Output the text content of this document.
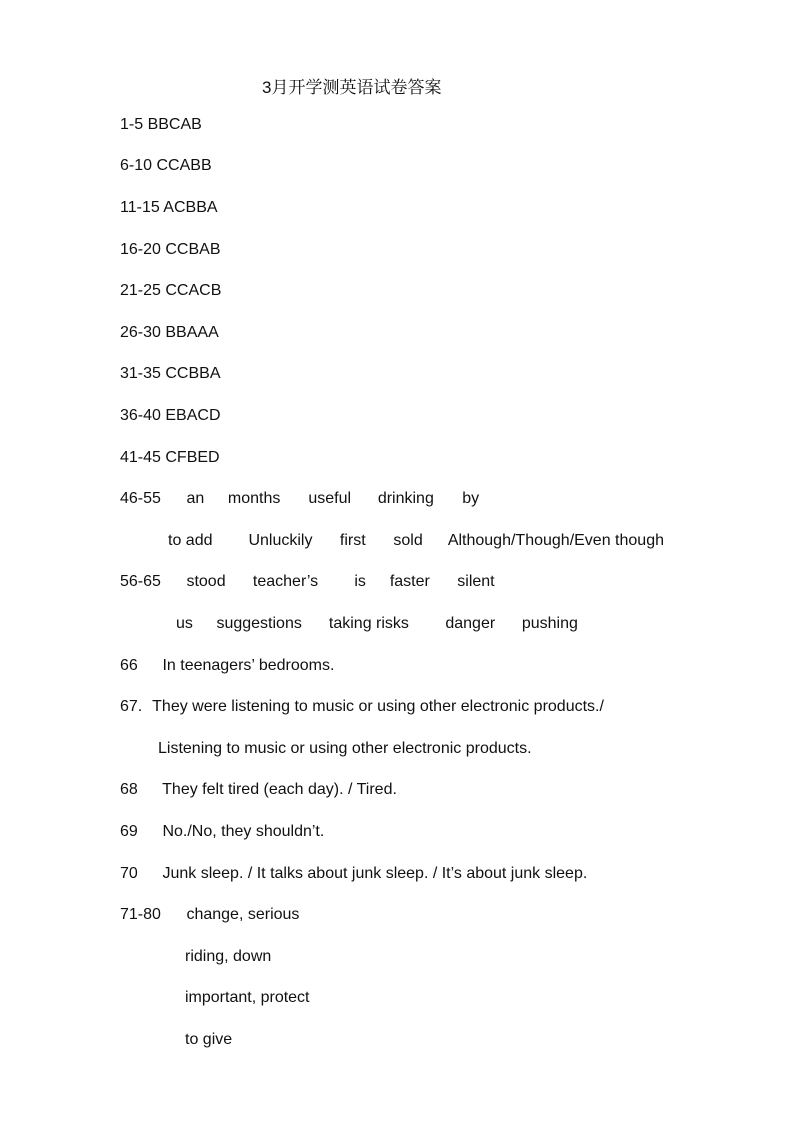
3月开学测英语试卷答案
1-5 BBCAB
6-10 CCABB
11-15 ACBBA
16-20 CCBAB
21-25 CCACB
26-30 BBAAA
31-35 CCBBA
36-40 EBACD
41-45 CFBED
46-55 an months useful drinking by
to add Unluckily first sold Although/Though/Even though
56-65 stood teacher’s is faster silent
us suggestions taking risks danger pushing
66 In teenagers’ bedrooms.
67. They were listening to music or using other electronic products./
Listening to music or using other electronic products.
68 They felt tired (each day). / Tired.
69 No./No, they shouldn’t.
70 Junk sleep. / It talks about junk sleep. / It’s about junk sleep.
71-80 change, serious
riding, down
important, protect
to give
